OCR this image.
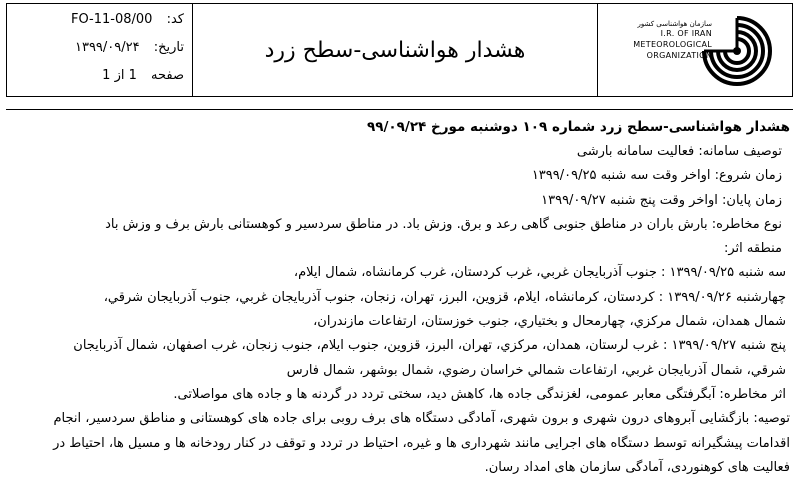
کد: FO-11-08/00
تاریخ: ۱۳۹۹/۰۹/۲۴
صفحه 1 از 1
هشدار هواشناسی-سطح زرد
سازمان هواشناسی کشور
I.R. OF IRAN
METEOROLOGICAL
ORGANIZATION
هشدار هواشناسی-سطح زرد شماره ۱۰۹ دوشنبه مورخ ۹۹/۰۹/۲۴
توصیف سامانه: فعالیت سامانه بارشی
زمان شروع: اواخر وقت سه شنبه ۱۳۹۹/۰۹/۲۵
زمان پایان: اواخر وقت پنج شنبه ۱۳۹۹/۰۹/۲۷
نوع مخاطره: بارش باران در مناطق جنوبی گاهی رعد و برق. وزش باد. در مناطق سردسیر و کوهستانی بارش برف و وزش باد
منطقه اثر:
سه شنبه ۱۳۹۹/۰۹/۲۵ : جنوب آذربايجان غربي، غرب كردستان، غرب كرمانشاه، شمال ايلام،
چهارشنبه ۱۳۹۹/۰۹/۲۶ : کردستان، کرمانشاه، ایلام، قزوین، البرز، تهران، زنجان، جنوب آذربايجان غربي، جنوب آذربايجان شرقي،
شمال همدان، شمال مرکزي، چهارمحال و بختياري، جنوب خوزستان، ارتفاعات مازندران،
پنج شنبه ۱۳۹۹/۰۹/۲۷ : غرب لرستان، همدان، مرکزي، تهران، البرز، قزوين، جنوب ايلام، جنوب زنجان، غرب اصفهان، شمال آذربايجان
شرقي، شمال آذربايجان غربي، ارتفاعات شمالي خراسان رضوي، شمال بوشهر، شمال فارس
اثر مخاطره: آبگرفتگی معابر عمومی، لغزندگی جاده ها، کاهش دید، سختی تردد در گردنه ها و جاده های مواصلاتی.
توصیه: بازگشایی آبروهای درون شهری و برون شهری، آمادگی دستگاه های برف روبی برای جاده های کوهستانی و مناطق سردسیر، انجام
اقدامات پیشگیرانه توسط دستگاه های اجرایی مانند شهرداری ها و غیره، احتیاط در تردد و توقف در کنار رودخانه ها و مسیل ها، احتیاط در
فعالیت های کوهنوردی، آمادگی سازمان های امداد رسان.
